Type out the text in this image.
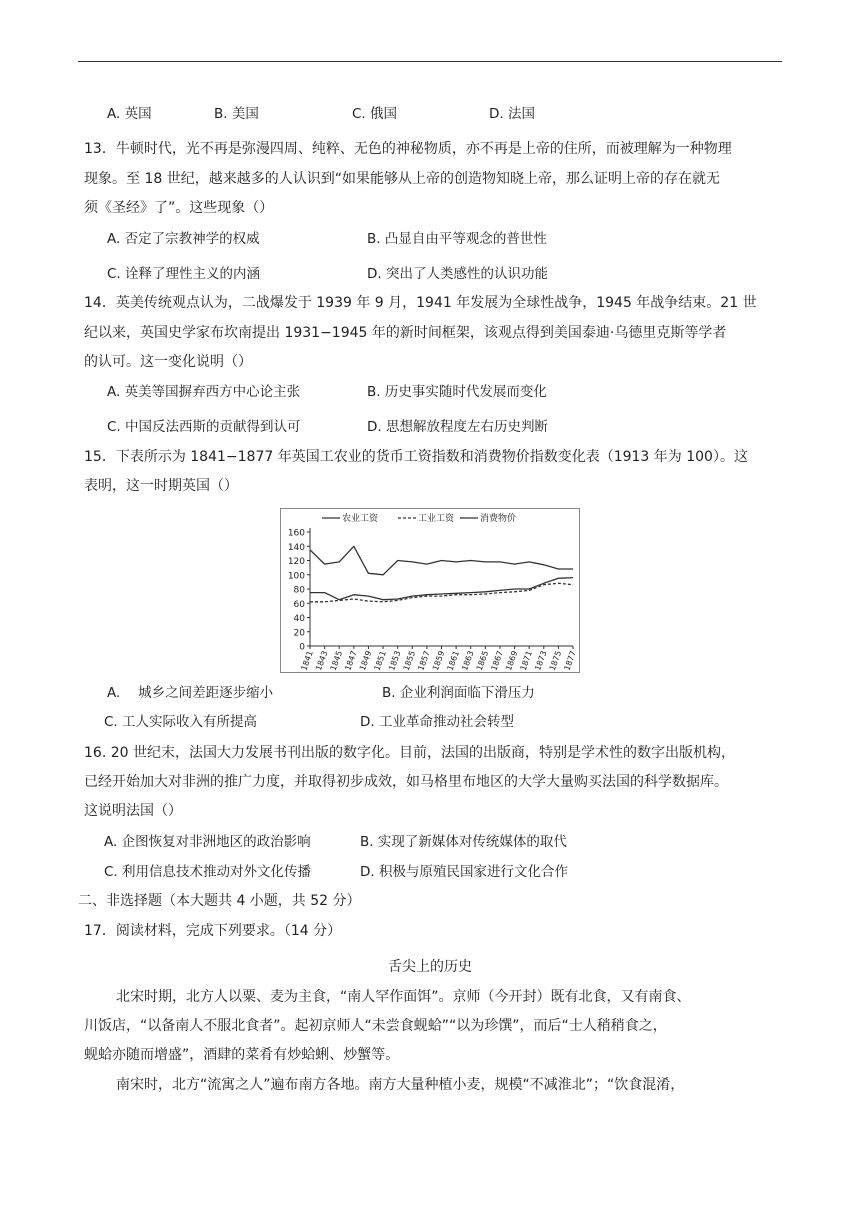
A. 英国	B. 美国	C. 俄国	D. 法国
13．牛顿时代，光不再是弥漫四周、纯粹、无色的神秘物质，亦不再是上帝的住所，而被理解为一种物理
现象。至 18 世纪，越来越多的人认识到“如果能够从上帝的创造物知晓上帝，那么证明上帝的存在就无
须《圣经》了”。这些现象（）
A. 否定了宗教神学的权威	B. 凸显自由平等观念的普世性
C. 诠释了理性主义的内涵	D. 突出了人类感性的认识功能
14．英美传统观点认为，二战爆发于 1939 年 9 月，1941 年发展为全球性战争，1945 年战争结束。21 世
纪以来，英国史学家布坎南提出 1931−1945 年的新时间框架，该观点得到美国泰迪·乌德里克斯等学者
的认可。这一变化说明（）
A. 英美等国摒弃西方中心论主张	B. 历史事实随时代发展而变化
C. 中国反法西斯的贡献得到认可	D. 思想解放程度左右历史判断
15．下表所示为 1841−1877 年英国工农业的货币工资指数和消费物价指数变化表（1913 年为 100）。这
表明，这一时期英国（）
农业工资	工业工资	消费物价
160
140
120
100
80
60
40
20
0
1841 1843 1845 1847 1849 1851 1853 1855 1857 1859 1861 1863 1865 1867 1869 1871 1873 1875 1877
A.　 城乡之间差距逐步缩小	B. 企业利润面临下滑压力
C. 工人实际收入有所提高	D. 工业革命推动社会转型
16. 20 世纪末，法国大力发展书刊出版的数字化。目前，法国的出版商，特别是学术性的数字出版机构，
已经开始加大对非洲的推广力度，并取得初步成效，如马格里布地区的大学大量购买法国的科学数据库。
这说明法国（）
A. 企图恢复对非洲地区的政治影响	B. 实现了新媒体对传统媒体的取代
C. 利用信息技术推动对外文化传播	D. 积极与原殖民国家进行文化合作
二、非选择题（本大题共 4 小题，共 52 分）
17．阅读材料，完成下列要求。（14 分）
舌尖上的历史
北宋时期，北方人以粟、麦为主食，“南人罕作面饵”。京师（今开封）既有北食，又有南食、
川饭店，“以备南人不服北食者”。起初京师人“未尝食蚬蛤”“以为珍馔”，而后“士人稍稍食之，
蚬蛤亦随而增盛”，酒肆的菜肴有炒蛤蜊、炒蟹等。
南宋时，北方“流寓之人”遍布南方各地。南方大量种植小麦，规模“不减淮北”；“饮食混淆，
